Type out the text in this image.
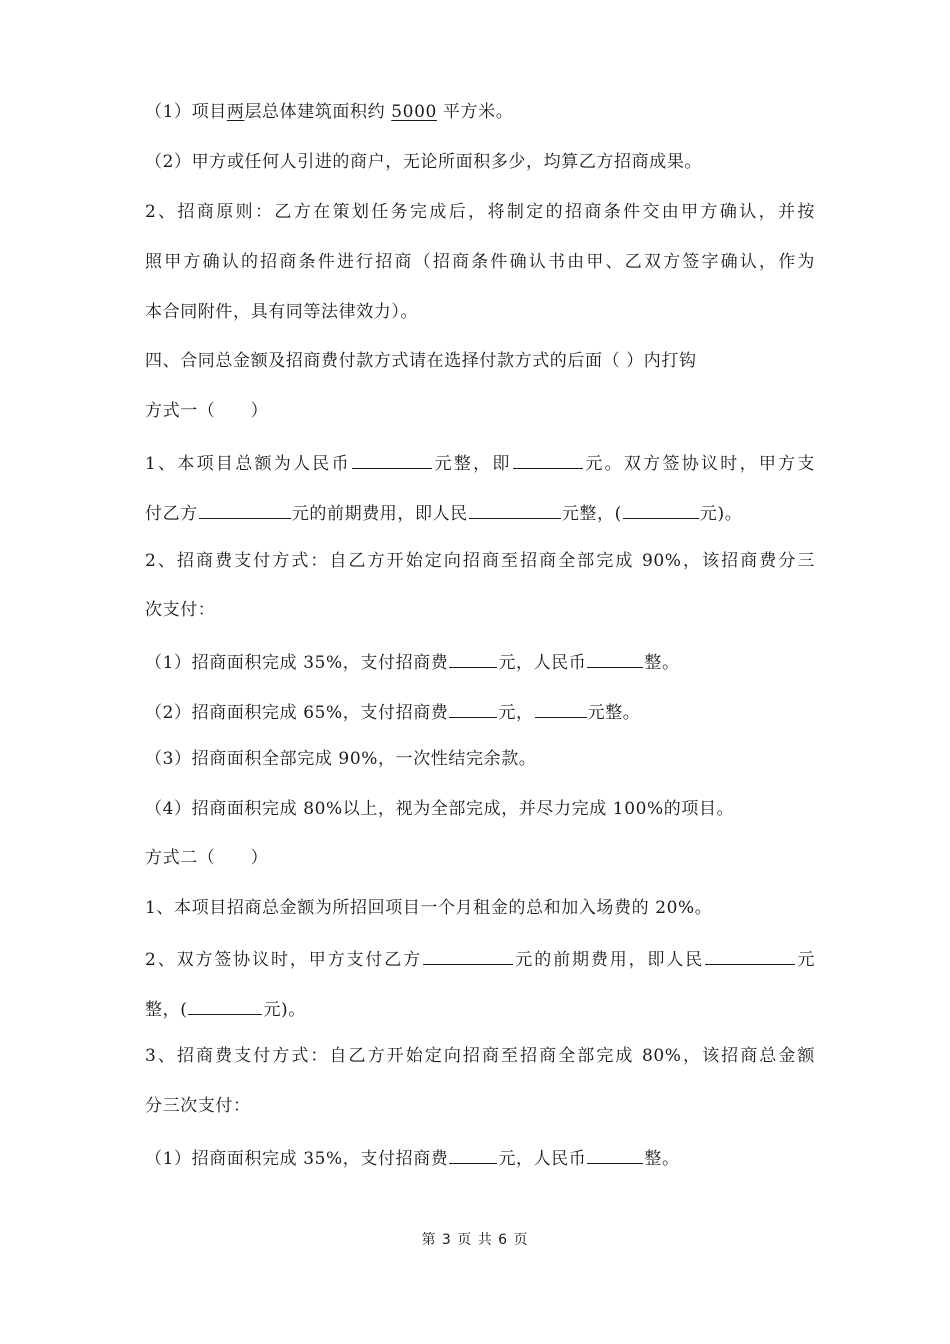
（1）项目两层总体建筑面积约 5000 平方米。
（2）甲方或任何人引进的商户，无论所面积多少，均算乙方招商成果。
2、招商原则：乙方在策划任务完成后，将制定的招商条件交由甲方确认，并按
照甲方确认的招商条件进行招商（招商条件确认书由甲、乙双方签字确认，作为
本合同附件，具有同等法律效力）。
四、合同总金额及招商费付款方式请在选择付款方式的后面（ ）内打钩
方式一（　　）
1、本项目总额为人民币	元整，即	元。双方签协议时，甲方支
付乙方	元的前期费用，即人民	元整，(	元)。
2、招商费支付方式：自乙方开始定向招商至招商全部完成 90%，该招商费分三
次支付：
（1）招商面积完成 35%，支付招商费	元，人民币	整。
（2）招商面积完成 65%，支付招商费	元，	元整。
（3）招商面积全部完成 90%，一次性结完余款。
（4）招商面积完成 80%以上，视为全部完成，并尽力完成 100%的项目。
方式二（　　）
1、本项目招商总金额为所招回项目一个月租金的总和加入场费的 20%。
2、双方签协议时，甲方支付乙方	元的前期费用，即人民	元
整，(	元)。
3、招商费支付方式：自乙方开始定向招商至招商全部完成 80%，该招商总金额
分三次支付：
（1）招商面积完成 35%，支付招商费	元，人民币	整。
第 3 页 共 6 页
